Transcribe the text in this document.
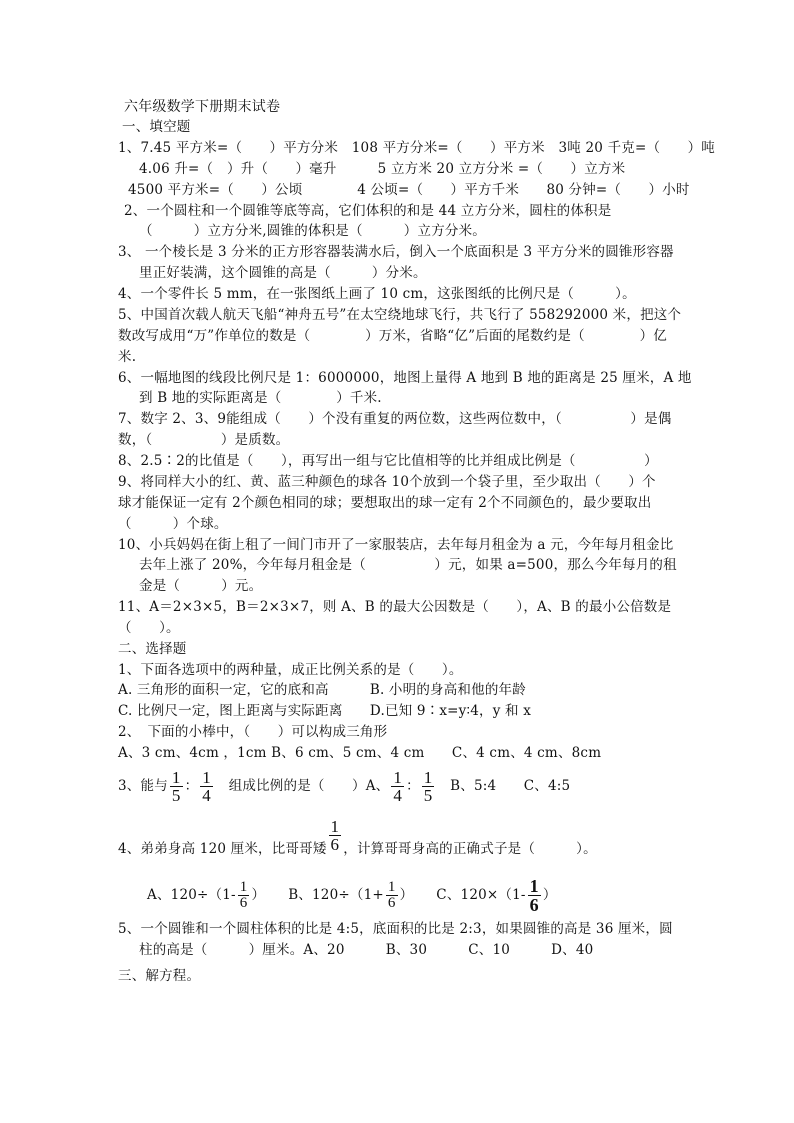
六年级数学下册期末试卷
一、填空题
1、7.45 平方米=（　　）平方分米　108 平方分米=（　　）平方米　3吨 20 千克=（　　）吨
4.06 升=（　）升（　　）毫升　　　5 立方米 20 立方分米 =（　　）立方米
4500 平方米=（　　）公顷　　　　4 公顷=（　　）平方千米　　80 分钟=（　　）小时
2、一个圆柱和一个圆锥等底等高，它们体积的和是 44 立方分米，圆柱的体积是
（　　　）立方分米,圆锥的体积是（　　　）立方分米。
3、 一个棱长是 3 分米的正方形容器装满水后，倒入一个底面积是 3 平方分米的圆锥形容器
里正好装满，这个圆锥的高是（　　　）分米。
4、一个零件长 5 mm，在一张图纸上画了 10 cm，这张图纸的比例尺是（　　　）。
5、中国首次载人航天飞船“神舟五号”在太空绕地球飞行，共飞行了 558292000 米，把这个
数改写成用“万”作单位的数是（　　　　）万米，省略“亿”后面的尾数约是（　　　　）亿
米.
6、一幅地图的线段比例尺是 1：6000000，地图上量得 A 地到 B 地的距离是 25 厘米，A 地
到 B 地的实际距离是（　　　　）千米.
7、数字 2、3、9能组成（　　）个没有重复的两位数，这些两位数中，（　　　　　）是偶
数，（　　　　　）是质数。
8、2.5∶2的比值是（　　），再写出一组与它比值相等的比并组成比例是（　　　　　）
9、将同样大小的红、黄、蓝三种颜色的球各 10个放到一个袋子里，至少取出（　　）个
球才能保证一定有 2个颜色相同的球；要想取出的球一定有 2个不同颜色的，最少要取出
（　　　）个球。
10、小兵妈妈在街上租了一间门市开了一家服装店，去年每月租金为 a 元，今年每月租金比
去年上涨了 20%，今年每月租金是（　　　　　）元，如果 a=500，那么今年每月的租
金是（　　　）元。
11、A＝2×3×5，B＝2×3×7，则 A、B 的最大公因数是（　　），A、B 的最小公倍数是
（　　）。
二、选择题
1、下面各选项中的两种量，成正比例关系的是（　　）。
A. 三角形的面积一定，它的底和高　　　B. 小明的身高和他的年龄
C. 比例尺一定，图上距离与实际距离　　D.已知 9∶x=y∶4，y 和 x
2、　下面的小棒中，（　　）可以构成三角形
A、3 cm、4cm ，1cm B、6 cm、5 cm、4 cm　　C、4 cm、4 cm、8cm
3、能与 $\frac{1}{5}$ ： $\frac{1}{4}$ 　组成比例的是（　　）A、 $\frac{1}{4}$ ： $\frac{1}{5}$ 　B、5:4　　C、4:5
4、弟弟身高 120 厘米，比哥哥矮 $\frac{1}{6}$ ，计算哥哥身高的正确式子是（　　　）。
A、$120\div(1- \frac{1}{6}$ ） B、$120\div(1+ \frac{1}{6}$ ） C、$120\times(1- \frac{1}{6}$ ）
5、一个圆锥和一个圆柱体积的比是 4:5，底面积的比是 2:3，如果圆锥的高是 36 厘米，圆
柱的高是（　　　）厘米。A、20　　　B、30　　　C、10　　　D、40
三、解方程。
